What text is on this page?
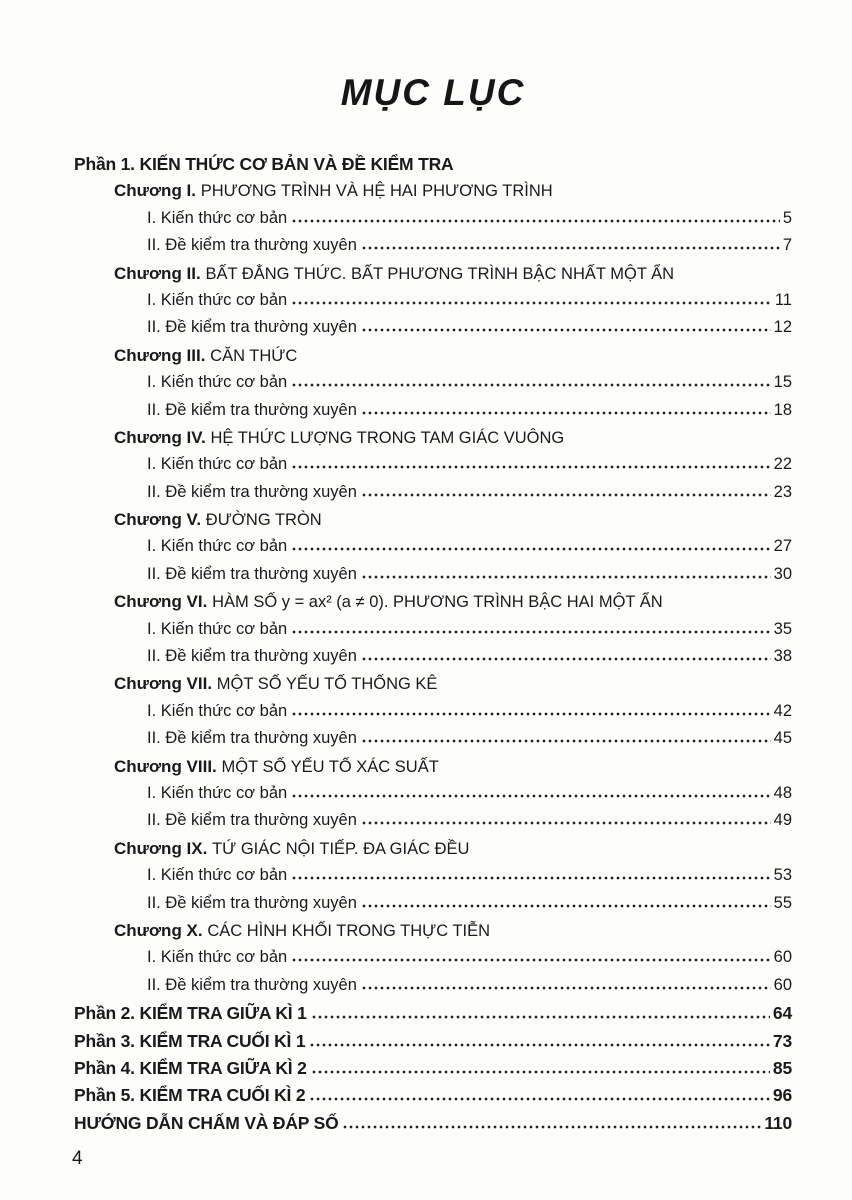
MỤC LỤC
Phần 1. KIẾN THỨC CƠ BẢN VÀ ĐỀ KIỂM TRA
Chương I. PHƯƠNG TRÌNH VÀ HỆ HAI PHƯƠNG TRÌNH
I. Kiến thức cơ bản	5
II. Đề kiểm tra thường xuyên	7
Chương II. BẤT ĐẲNG THỨC. BẤT PHƯƠNG TRÌNH BẬC NHẤT MỘT ẨN
I. Kiến thức cơ bản	11
II. Đề kiểm tra thường xuyên	12
Chương III. CĂN THỨC
I. Kiến thức cơ bản	15
II. Đề kiểm tra thường xuyên	18
Chương IV. HỆ THỨC LƯỢNG TRONG TAM GIÁC VUÔNG
I. Kiến thức cơ bản	22
II. Đề kiểm tra thường xuyên	23
Chương V. ĐƯỜNG TRÒN
I. Kiến thức cơ bản	27
II. Đề kiểm tra thường xuyên	30
Chương VI. HÀM SỐ y = ax² (a ≠ 0). PHƯƠNG TRÌNH BẬC HAI MỘT ẨN
I. Kiến thức cơ bản	35
II. Đề kiểm tra thường xuyên	38
Chương VII. MỘT SỐ YẾU TỐ THỐNG KÊ
I. Kiến thức cơ bản	42
II. Đề kiểm tra thường xuyên	45
Chương VIII. MỘT SỐ YẾU TỐ XÁC SUẤT
I. Kiến thức cơ bản	48
II. Đề kiểm tra thường xuyên	49
Chương IX. TỨ GIÁC NỘI TIẾP. ĐA GIÁC ĐỀU
I. Kiến thức cơ bản	53
II. Đề kiểm tra thường xuyên	55
Chương X. CÁC HÌNH KHỐI TRONG THỰC TIỄN
I. Kiến thức cơ bản	60
II. Đề kiểm tra thường xuyên	60
Phần 2. KIỂM TRA GIỮA KÌ 1	64
Phần 3. KIỂM TRA CUỐI KÌ 1	73
Phần 4. KIỂM TRA GIỮA KÌ 2	85
Phần 5. KIỂM TRA CUỐI KÌ 2	96
HƯỚNG DẪN CHẤM VÀ ĐÁP SỐ	110
4
